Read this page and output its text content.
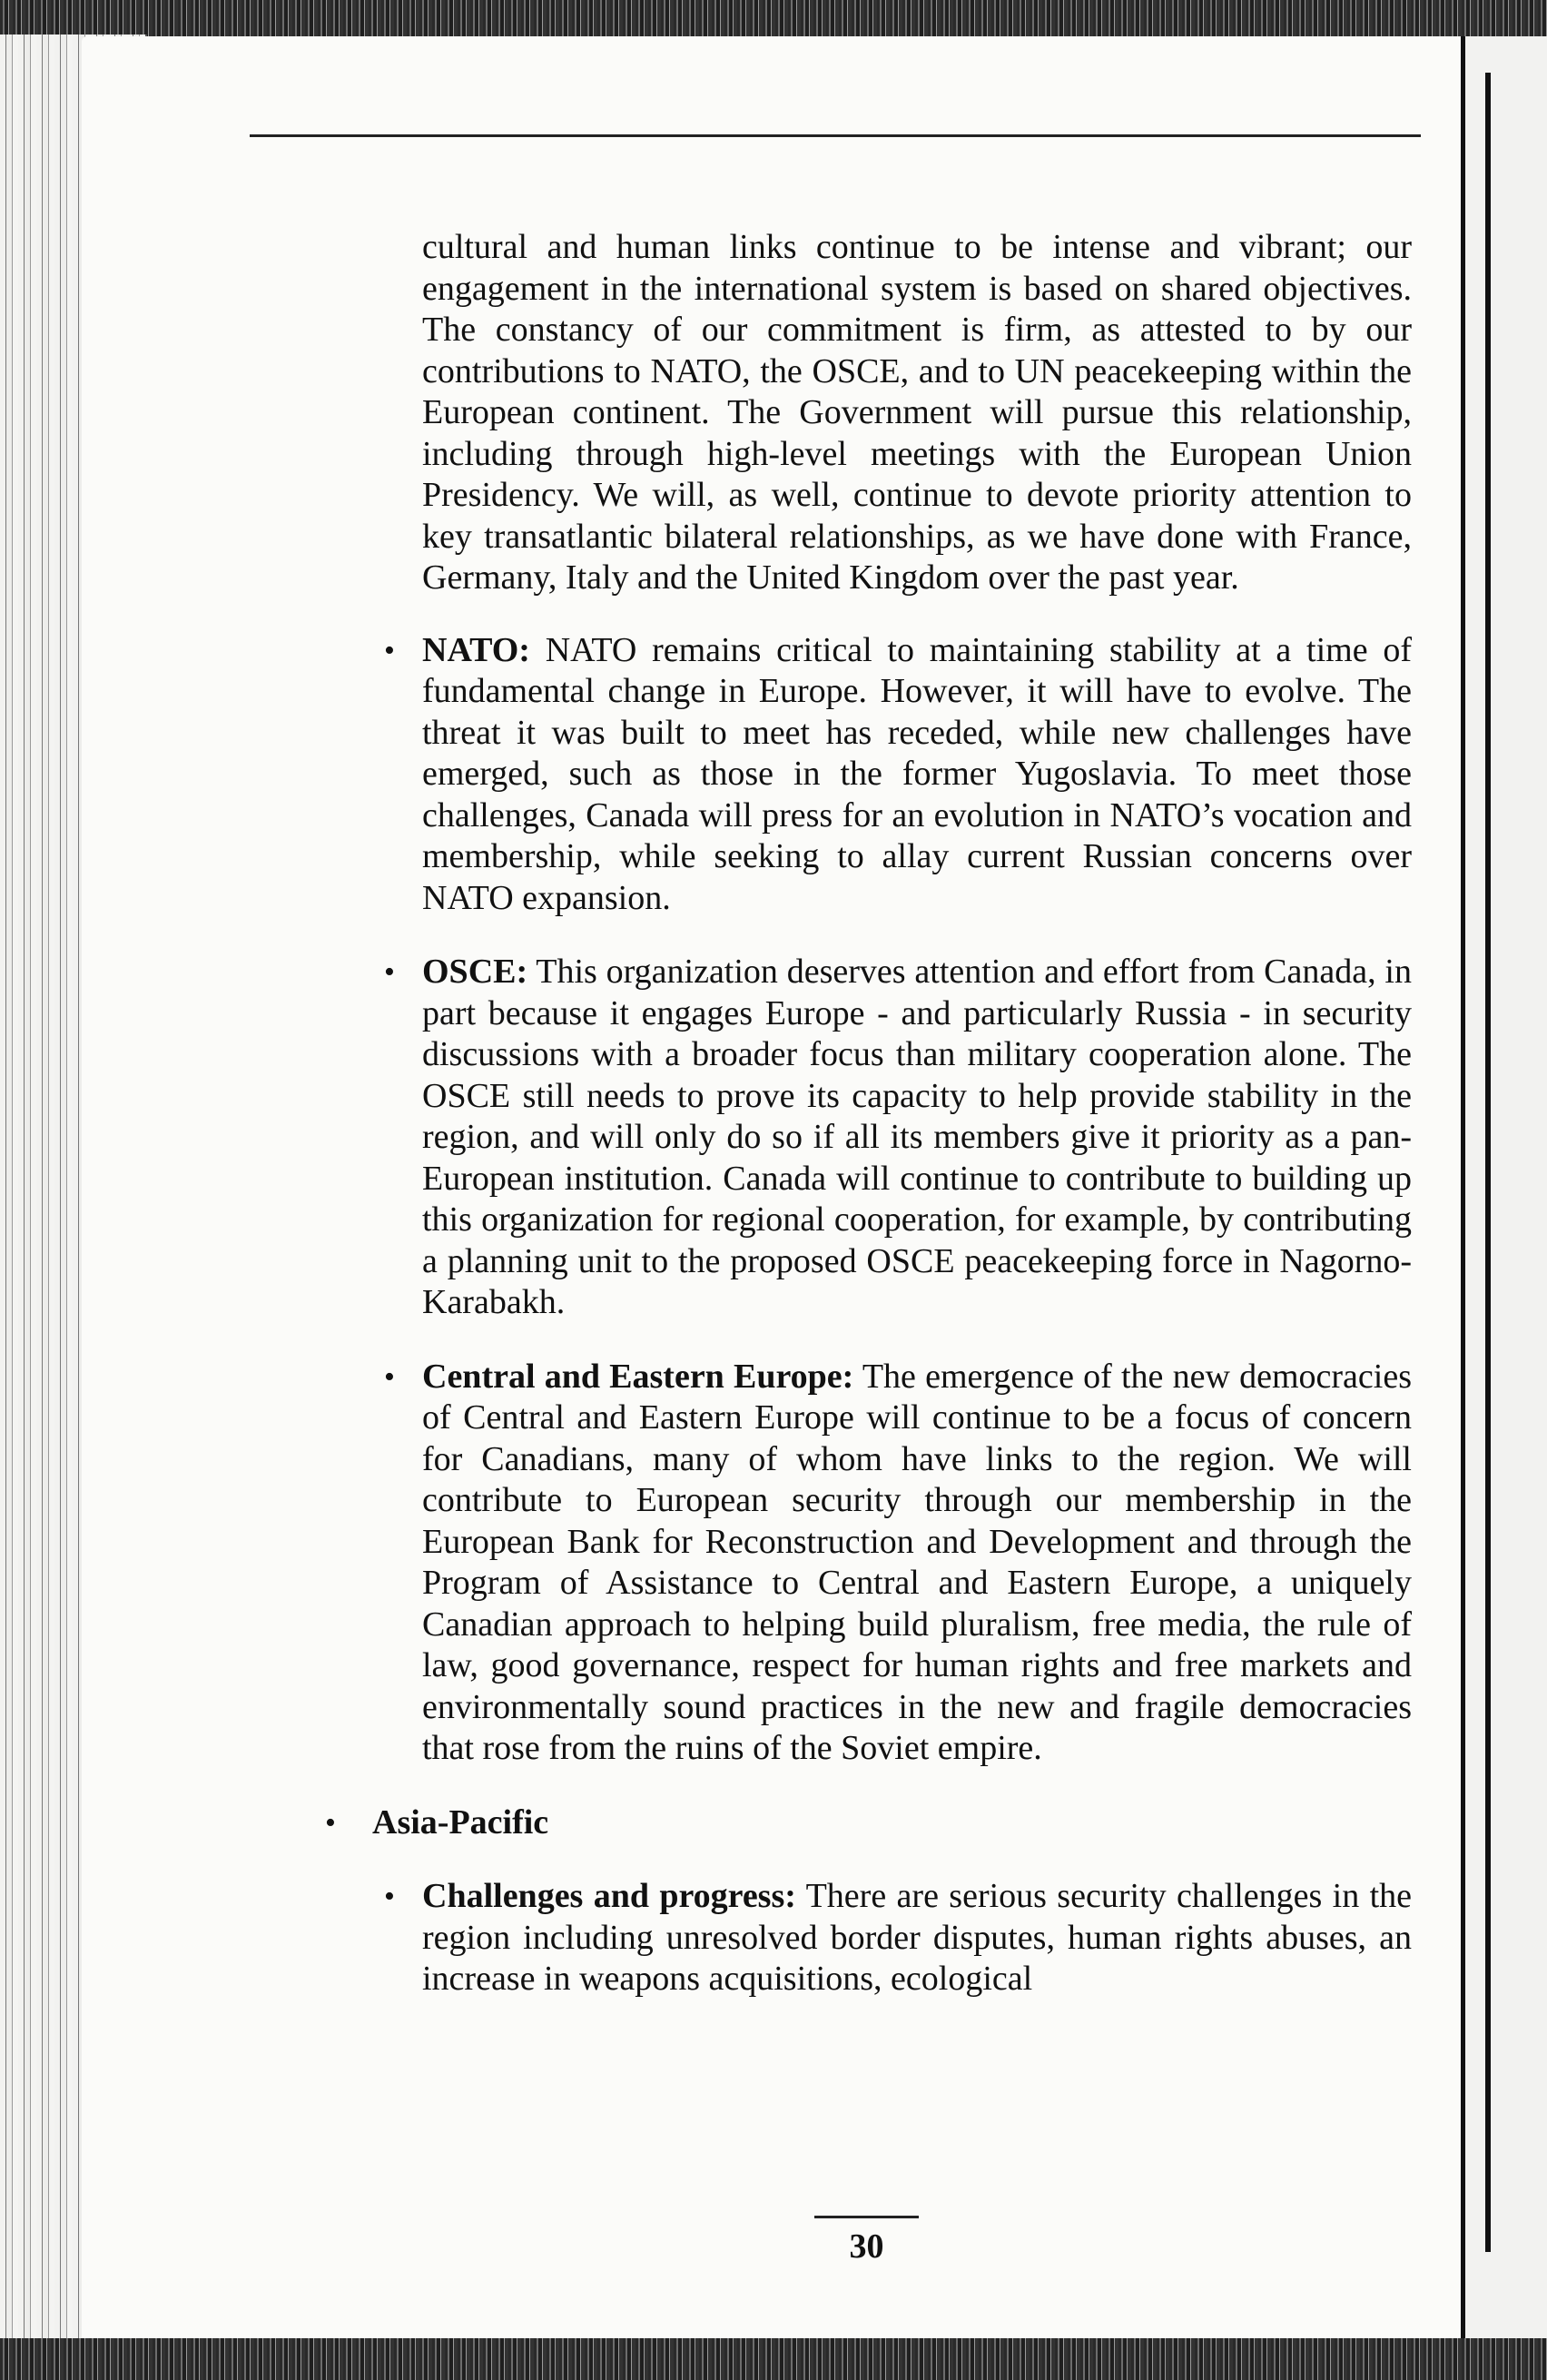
cultural and human links continue to be intense and vibrant; our engagement in the international system is based on shared objectives. The constancy of our commitment is firm, as attested to by our contributions to NATO, the OSCE, and to UN peacekeeping within the European continent. The Government will pursue this relationship, including through high-level meetings with the European Union Presidency. We will, as well, continue to devote priority attention to key transatlantic bilateral relationships, as we have done with France, Germany, Italy and the United Kingdom over the past year.

• NATO: NATO remains critical to maintaining stability at a time of fundamental change in Europe. However, it will have to evolve. The threat it was built to meet has receded, while new challenges have emerged, such as those in the former Yugoslavia. To meet those challenges, Canada will press for an evolution in NATO’s vocation and membership, while seeking to allay current Russian concerns over NATO expansion.

• OSCE: This organization deserves attention and effort from Canada, in part because it engages Europe - and particularly Russia - in security discussions with a broader focus than military cooperation alone. The OSCE still needs to prove its capacity to help provide stability in the region, and will only do so if all its members give it priority as a pan-European institution. Canada will continue to contribute to building up this organization for regional cooperation, for example, by contributing a planning unit to the proposed OSCE peacekeeping force in Nagorno-Karabakh.

• Central and Eastern Europe: The emergence of the new democracies of Central and Eastern Europe will continue to be a focus of concern for Canadians, many of whom have links to the region. We will contribute to European security through our membership in the European Bank for Reconstruction and Development and through the Program of Assistance to Central and Eastern Europe, a uniquely Canadian approach to helping build pluralism, free media, the rule of law, good governance, respect for human rights and free markets and environmentally sound practices in the new and fragile democracies that rose from the ruins of the Soviet empire.

• Asia-Pacific

• Challenges and progress: There are serious security challenges in the region including unresolved border disputes, human rights abuses, an increase in weapons acquisitions, ecological

30
